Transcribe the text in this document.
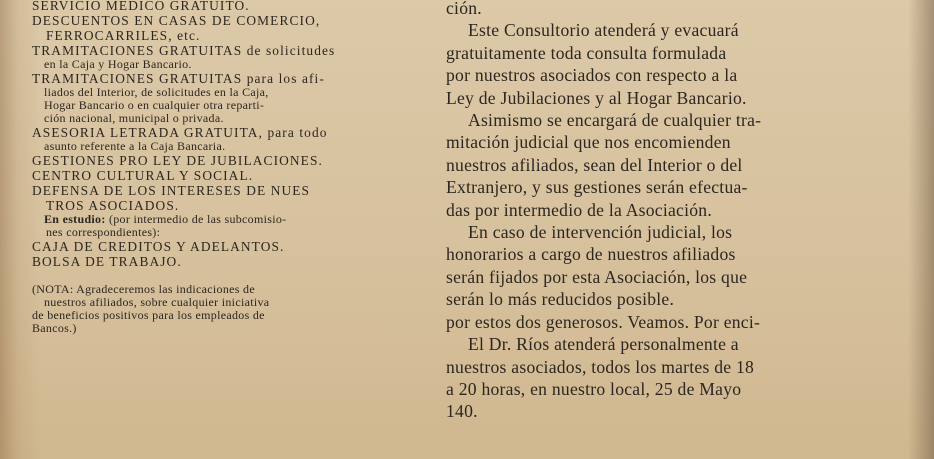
SERVICIO MEDICO GRATUITO.
DESCUENTOS EN CASAS DE COMERCIO,
FERROCARRILES, etc.
TRAMITACIONES GRATUITAS de solicitudes
en la Caja y Hogar Bancario.
TRAMITACIONES GRATUITAS para los afi-
liados del Interior, de solicitudes en la Caja,
Hogar Bancario o en cualquier otra reparti-
ción nacional, municipal o privada.
ASESORIA LETRADA GRATUITA, para todo
asunto referente a la Caja Bancaria.
GESTIONES PRO LEY DE JUBILACIONES.
CENTRO CULTURAL Y SOCIAL.
DEFENSA DE LOS INTERESES DE NUES
TROS ASOCIADOS.
En estudio: (por intermedio de las subcomisio-
nes correspondientes):
CAJA DE CREDITOS Y ADELANTOS.
BOLSA DE TRABAJO.
(NOTA: Agradeceremos las indicaciones de
nuestros afiliados, sobre cualquier iniciativa
de beneficios positivos para los empleados de
Bancos.)
ción.
Este Consultorio atenderá y evacuará
gratuitamente toda consulta formulada
por nuestros asociados con respecto a la
Ley de Jubilaciones y al Hogar Bancario.
Asimismo se encargará de cualquier tra-
mitación judicial que nos encomienden
nuestros afiliados, sean del Interior o del
Extranjero, y sus gestiones serán efectua-
das por intermedio de la Asociación.
En caso de intervención judicial, los
honorarios a cargo de nuestros afiliados
serán fijados por esta Asociación, los que
serán lo más reducidos posible.
por estos dos generosos. Veamos. Por enci-
El Dr. Ríos atenderá personalmente a
nuestros asociados, todos los martes de 18
a 20 horas, en nuestro local, 25 de Mayo
140.
